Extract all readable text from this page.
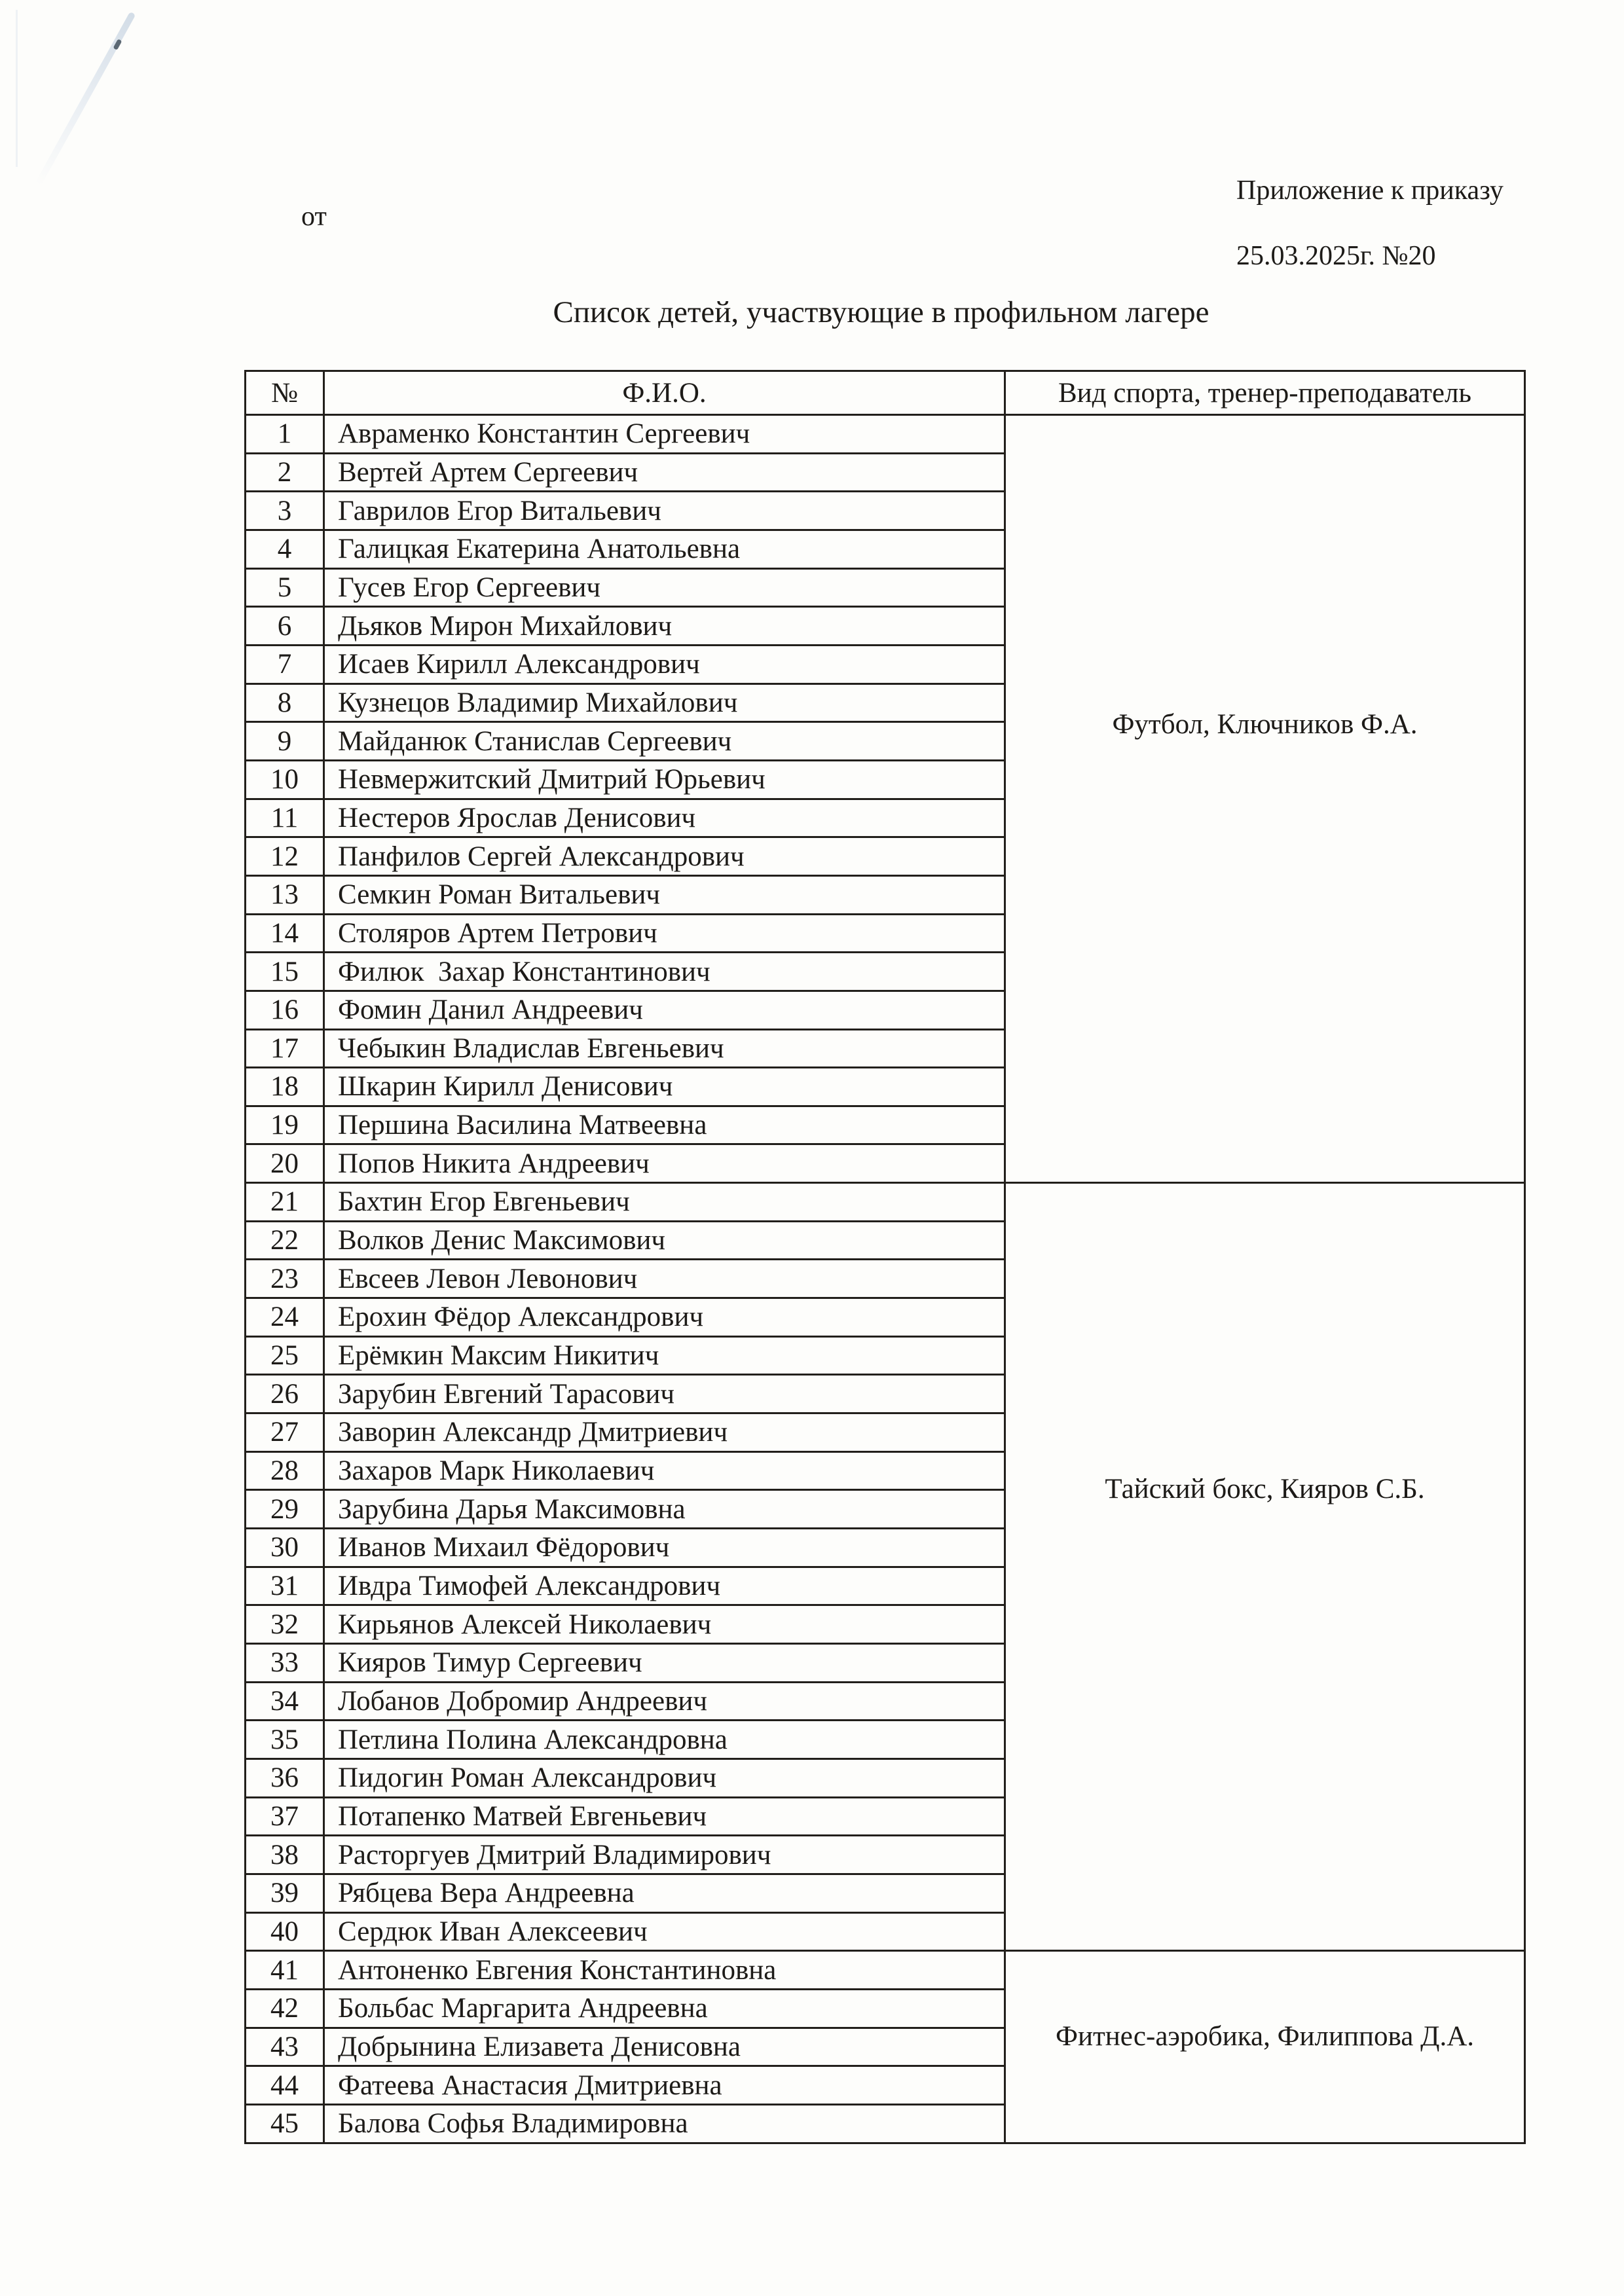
от
Приложение к приказу
25.03.2025г. №20
Список детей, участвующие в профильном лагере
№	Ф.И.О.	Вид спорта, тренер-преподаватель
1	Авраменко Константин Сергеевич	Футбол, Ключников Ф.А.

2	Вертей Артем Сергеевич	
3	Гаврилов Егор Витальевич	
4	Галицкая Екатерина Анатольевна	
5	Гусев Егор Сергеевич	
6	Дьяков Мирон Михайлович	
7	Исаев Кирилл Александрович	
8	Кузнецов Владимир Михайлович	
9	Майданюк Станислав Сергеевич	
10	Невмержитский Дмитрий Юрьевич	
11	Нестеров Ярослав Денисович	
12	Панфилов Сергей Александрович	
13	Семкин Роман Витальевич	
14	Столяров Артем Петрович	
15	Филюк  Захар Константинович	
16	Фомин Данил Андреевич	
17	Чебыкин Владислав Евгеньевич	
18	Шкарин Кирилл Денисович	
19	Першина Василина Матвеевна	
20	Попов Никита Андреевич	
21	Бахтин Егор Евгеньевич	Тайский бокс, Кияров С.Б.

22	Волков Денис Максимович	
23	Евсеев Левон Левонович	
24	Ерохин Фёдор Александрович	
25	Ерёмкин Максим Никитич	
26	Зарубин Евгений Тарасович	
27	Заворин Александр Дмитриевич	
28	Захаров Марк Николаевич	
29	Зарубина Дарья Максимовна	
30	Иванов Михаил Фёдорович	
31	Ивдра Тимофей Александрович	
32	Кирьянов Алексей Николаевич	
33	Кияров Тимур Сергеевич	
34	Лобанов Добромир Андреевич	
35	Петлина Полина Александровна	
36	Пидогин Роман Александрович	
37	Потапенко Матвей Евгеньевич	
38	Расторгуев Дмитрий Владимирович	
39	Рябцева Вера Андреевна	
40	Сердюк Иван Алексеевич	
41	Антоненко Евгения Константиновна	Фитнес-аэробика, Филиппова Д.А.

42	Больбас Маргарита Андреевна	
43	Добрынина Елизавета Денисовна	
44	Фатеева Анастасия Дмитриевна	
45	Балова Софья Владимировна	
